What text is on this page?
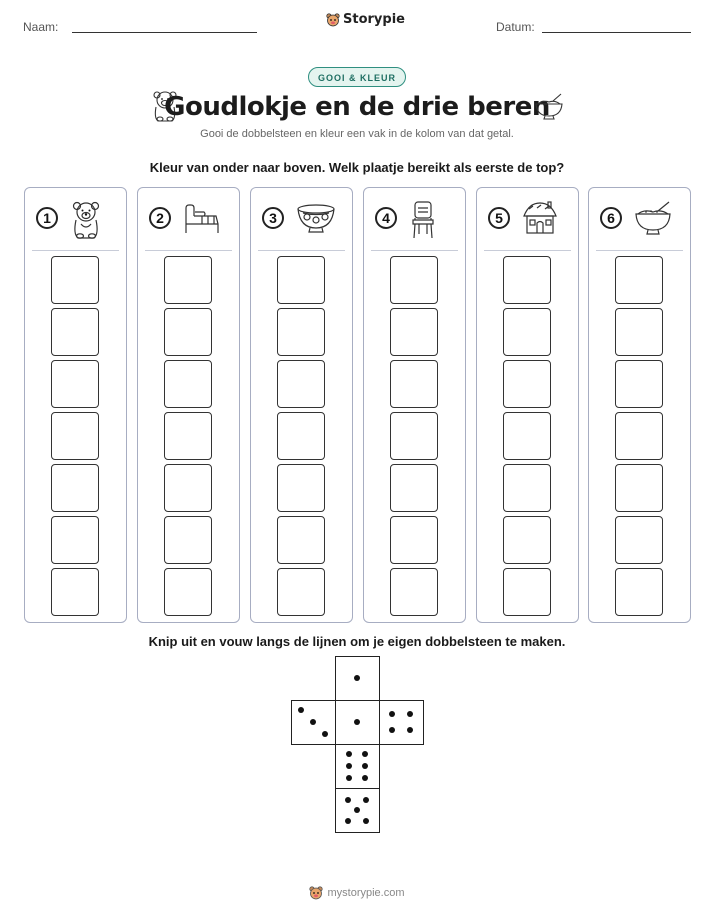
Naam:	Storypie	Datum:
GOOI & KLEUR
Goudlokje en de drie beren
Gooi de dobbelsteen en kleur een vak in de kolom van dat getal.
Kleur van onder naar boven. Welk plaatje bereikt als eerste de top?
1	2	3	4	5	6
Knip uit en vouw langs de lijnen om je eigen dobbelsteen te maken.
mystorypie.com
